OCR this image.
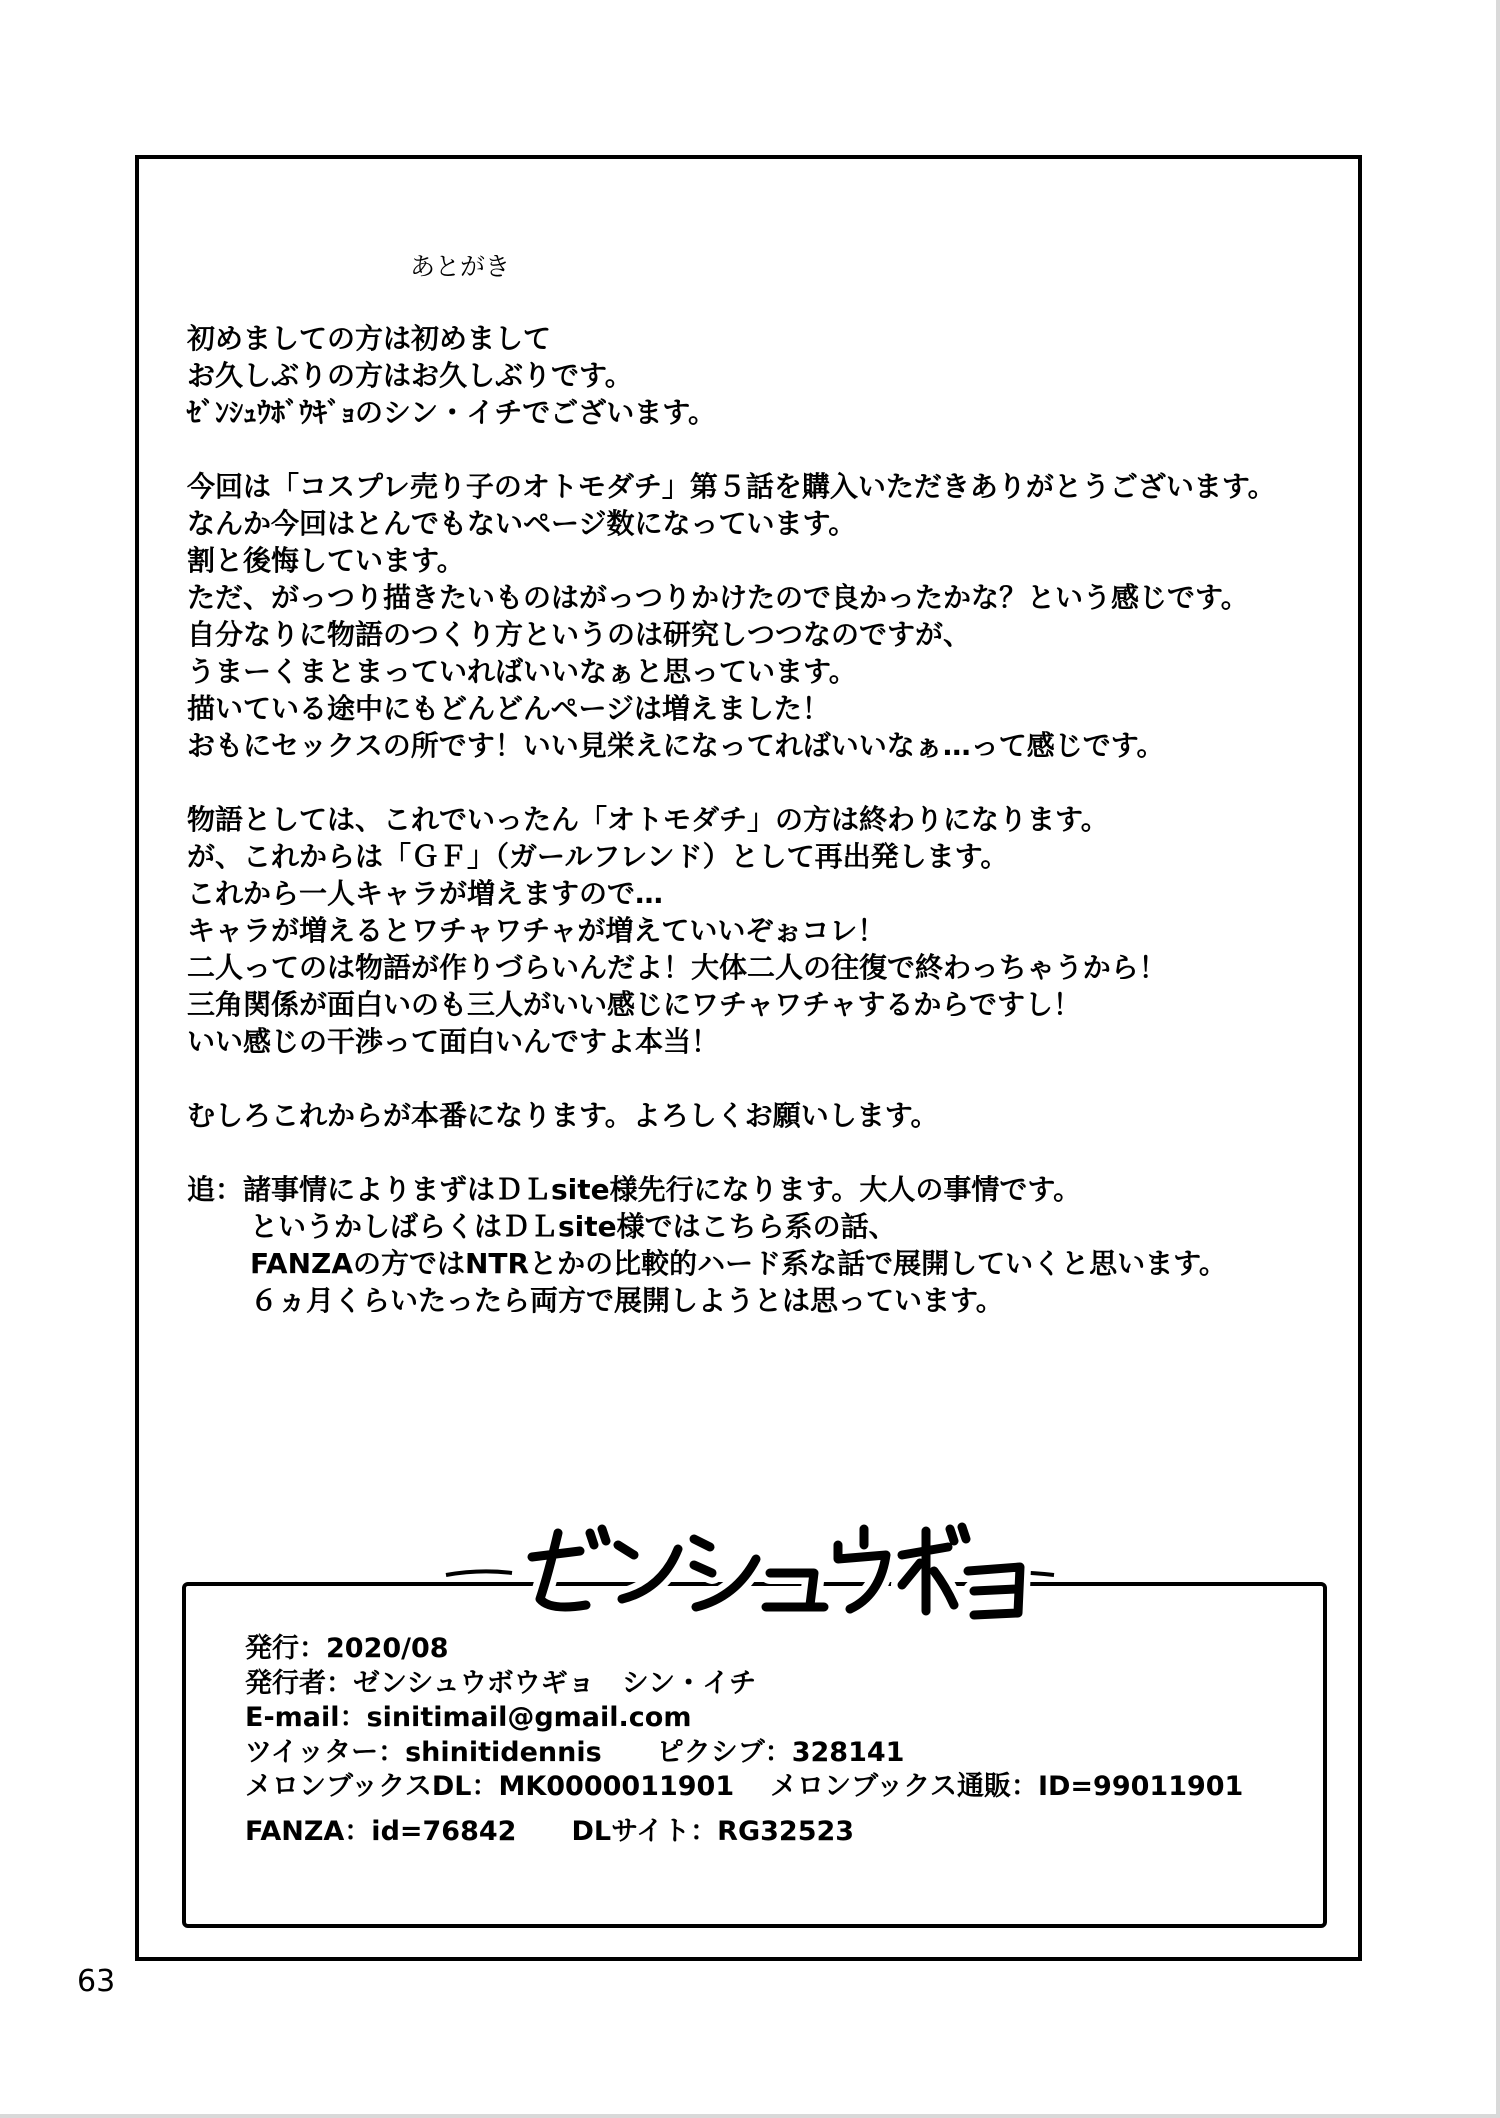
あとがき
初めましての方は初めまして
お久しぶりの方はお久しぶりです。
ｾﾞﾝｼｭｳﾎﾞｳｷﾞｮのシン・イチでございます。
今回は「コスプレ売り子のオトモダチ」第５話を購入いただきありがとうございます。
なんか今回はとんでもないページ数になっています。
割と後悔しています。
ただ、がっつり描きたいものはがっつりかけたので良かったかな？という感じです。
自分なりに物語のつくり方というのは研究しつつなのですが、
うまーくまとまっていればいいなぁと思っています。
描いている途中にもどんどんページは増えました！
おもにセックスの所です！いい見栄えになってればいいなぁ…って感じです。
物語としては、これでいったん「オトモダチ」の方は終わりになります。
が、これからは「ＧＦ」（ガールフレンド）として再出発します。
これから一人キャラが増えますので…
キャラが増えるとワチャワチャが増えていいぞぉコレ！
二人ってのは物語が作りづらいんだよ！大体二人の往復で終わっちゃうから！
三角関係が面白いのも三人がいい感じにワチャワチャするからですし！
いい感じの干渉って面白いんですよ本当！
むしろこれからが本番になります。よろしくお願いします。
追：諸事情によりまずはＤＬsite様先行になります。大人の事情です。
というかしばらくはＤＬsite様ではこちら系の話、
FANZAの方ではNTRとかの比較的ハード系な話で展開していくと思います。
６ヵ月くらいたったら両方で展開しようとは思っています。
発行：2020/08
発行者：ゼンシュウボウギョ　シン・イチ
E-mail：sinitimail@gmail.com
ツイッター：shinitidennis ピクシブ：328141
メロンブックスDL：MK0000011901 メロンブックス通販：ID=99011901
FANZA：id=76842 DLサイト：RG32523
63
